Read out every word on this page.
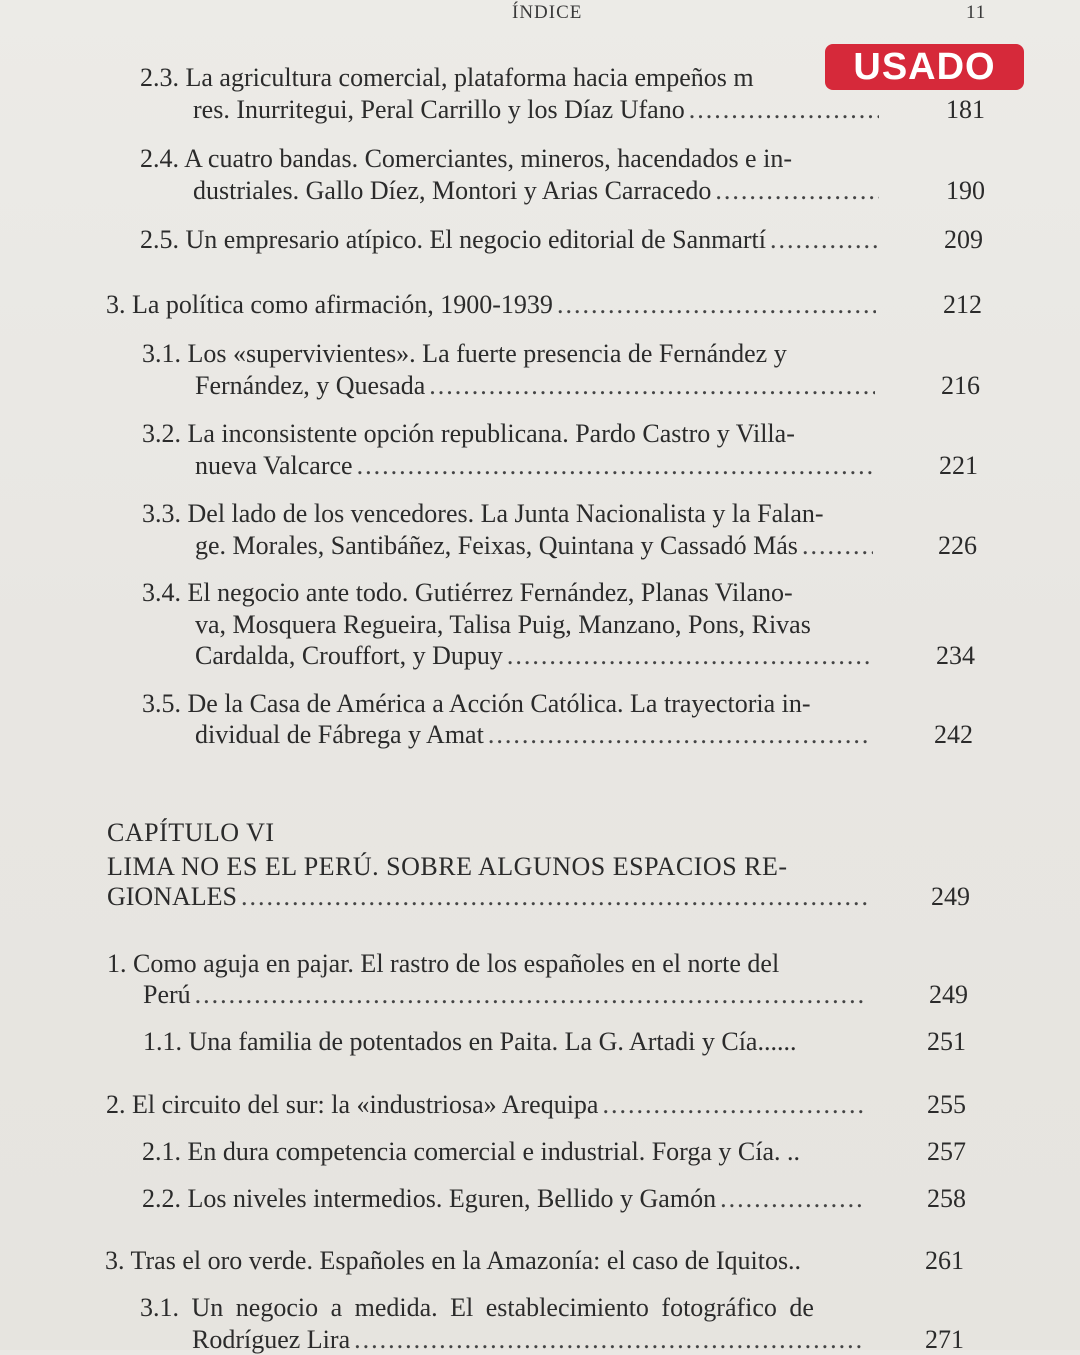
ÍNDICE	11
2.3. La agricultura comercial, plataforma hacia empeños m
res. Inurritegui, Peral Carrillo y los Díaz Ufano .....	181
2.4. A cuatro bandas. Comerciantes, mineros, hacendados e in-
dustriales. Gallo Díez, Montori y Arias Carracedo .....	190
2.5. Un empresario atípico. El negocio editorial de Sanmartí .....	209
3. La política como afirmación, 1900-1939 .....	212
3.1. Los «supervivientes». La fuerte presencia de Fernández y
Fernández, y Quesada .....	216
3.2. La inconsistente opción republicana. Pardo Castro y Villa-
nueva Valcarce .....	221
3.3. Del lado de los vencedores. La Junta Nacionalista y la Falan-
ge. Morales, Santibáñez, Feixas, Quintana y Cassadó Más .....	226
3.4. El negocio ante todo. Gutiérrez Fernández, Planas Vilano-
va, Mosquera Regueira, Talisa Puig, Manzano, Pons, Rivas
Cardalda, Crouffort, y Dupuy .....	234
3.5. De la Casa de América a Acción Católica. La trayectoria in-
dividual de Fábrega y Amat .....	242
CAPÍTULO VI
LIMA NO ES EL PERÚ. SOBRE ALGUNOS ESPACIOS RE-
GIONALES .....	249
1. Como aguja en pajar. El rastro de los españoles en el norte del
Perú .....	249
1.1. Una familia de potentados en Paita. La G. Artadi y Cía......	251
2. El circuito del sur: la «industriosa» Arequipa .....	255
2.1. En dura competencia comercial e industrial. Forga y Cía. ..	257
2.2. Los niveles intermedios. Eguren, Bellido y Gamón .....	258
3. Tras el oro verde. Españoles en la Amazonía: el caso de Iquitos..	261
3.1. Un negocio a medida. El establecimiento fotográfico de
Rodríguez Lira .....	271
USADO
